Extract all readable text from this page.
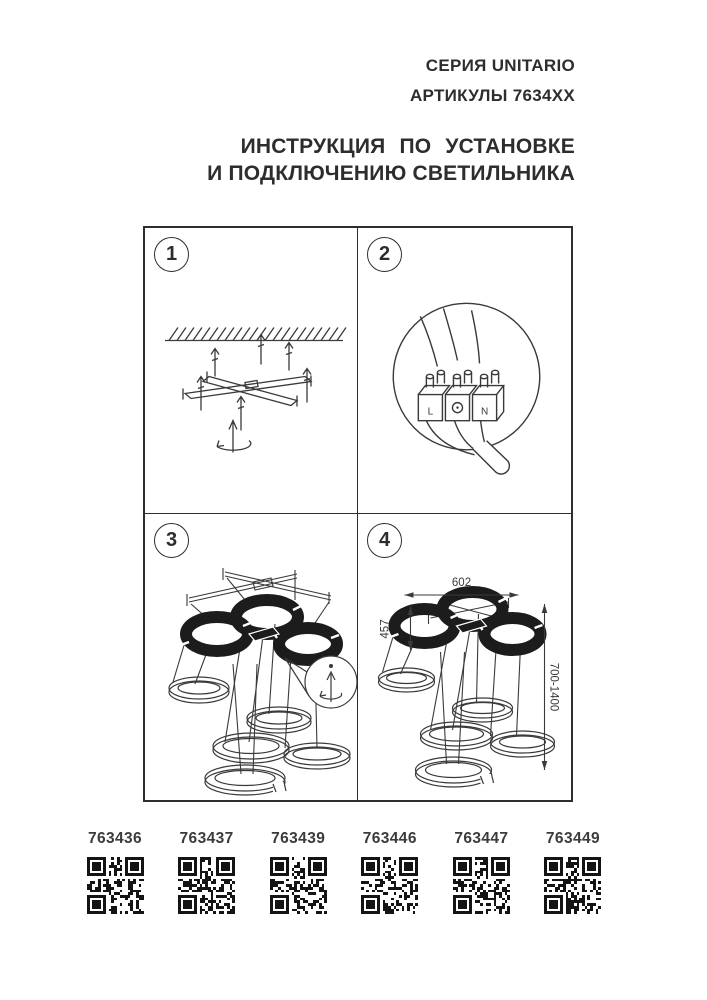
СЕРИЯ UNITARIO
АРТИКУЛЫ 7634XX
ИНСТРУКЦИЯ ПО УСТАНОВКЕ
И ПОДКЛЮЧЕНИЮ СВЕТИЛЬНИКА
1	2
L	N
3	4
602
457
700-1400
763436 763437 763439 763446 763447 763449
